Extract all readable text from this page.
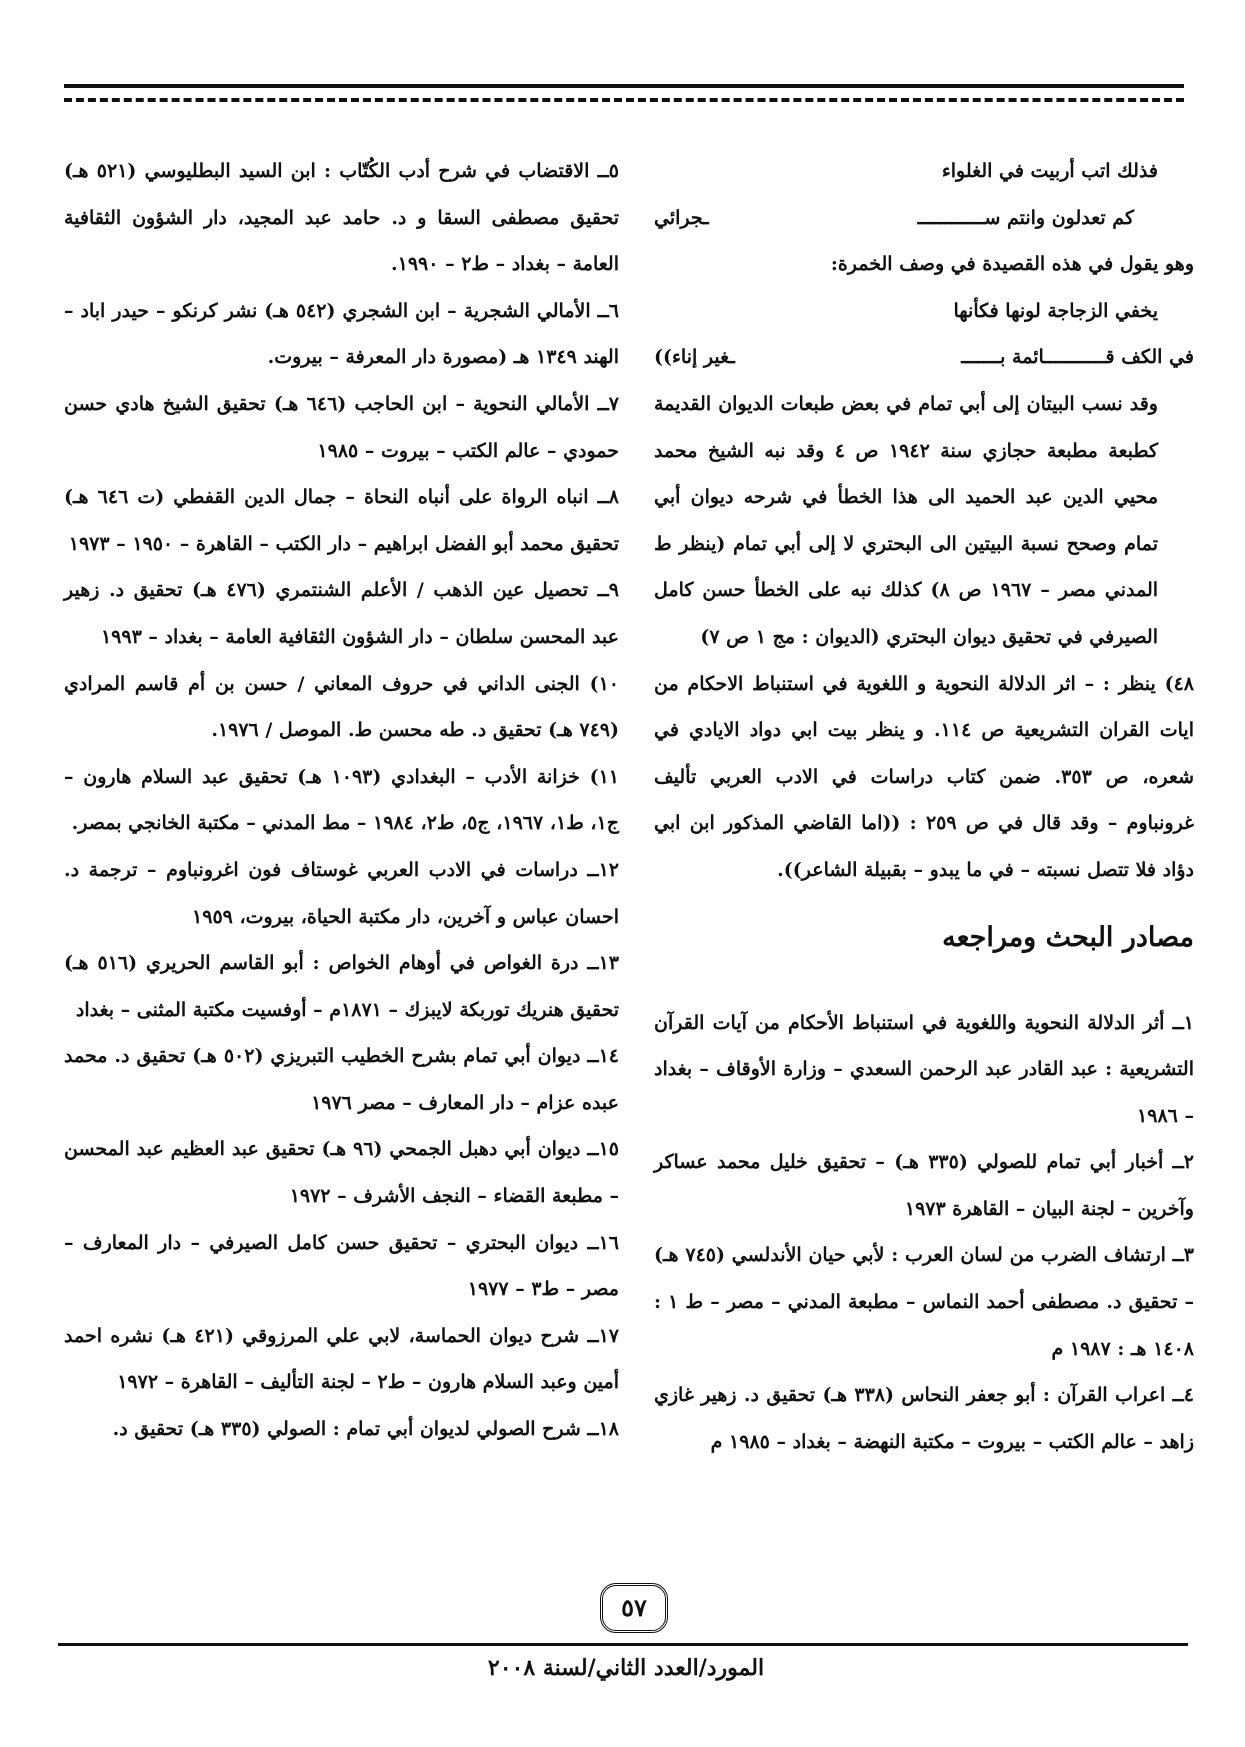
فذلك اتب أربيت في الغلواء

كم تعدلون وانتم ســــــــــــ
ـجرائي

وهو يقول في هذه القصيدة في وصف الخمرة:

يخفي الزجاجة لونها فكأنها

في الكف قـــــــــــائمة بـــــــ
ـغير إناء))

وقد نسب البيتان إلى أبي تمام في بعض طبعات الديوان القديمة كطبعة مطبعة حجازي سنة ١٩٤٢ ص ٤ وقد نبه الشيخ محمد محيي الدين عبد الحميد الى هذا الخطأ في شرحه ديوان أبي تمام وصحح نسبة البيتين الى البحتري لا إلى أبي تمام (ينظر ط المدني مصر – ١٩٦٧ ص ٨) كذلك نبه على الخطأ حسن كامل الصيرفي في تحقيق ديوان البحتري (الديوان : مج ١ ص ٧)

٤٨) ينظر : – اثر الدلالة النحوية و اللغوية في استنباط الاحكام من ايات القران التشريعية ص ١١٤. و ينظر بيت ابي دواد الايادي في شعره، ص ٣٥٣. ضمن كتاب دراسات في الادب العربي تأليف غرونباوم – وقد قال في ص ٢٥٩ : ((اما القاضي المذكور ابن ابي دؤاد فلا تتصل نسبته – في ما يبدو – بقبيلة الشاعر)).

مصادر البحث ومراجعه

١ــ أثر الدلالة النحوية واللغوية في استنباط الأحكام من آيات القرآن التشريعية : عبد القادر عبد الرحمن السعدي – وزارة الأوقاف – بغداد – ١٩٨٦

٢ــ أخبار أبي تمام للصولي (٣٣٥ هـ) – تحقيق خليل محمد عساكر وآخرين – لجنة البيان – القاهرة ١٩٧٣

٣ــ ارتشاف الضرب من لسان العرب : لأبي حيان الأندلسي (٧٤٥ هـ) – تحقيق د. مصطفى أحمد النماس – مطبعة المدني – مصر – ط ١ : ١٤٠٨ هـ : ١٩٨٧ م

٤ــ اعراب القرآن : أبو جعفر النحاس (٣٣٨ هـ) تحقيق د. زهير غازي زاهد – عالم الكتب – بيروت – مكتبة النهضة – بغداد – ١٩٨٥ م

٥ــ الاقتضاب في شرح أدب الكُتّاب : ابن السيد البطليوسي (٥٢١ هـ) تحقيق مصطفى السقا و د. حامد عبد المجيد، دار الشؤون الثقافية العامة – بغداد – ط٢ – ١٩٩٠.

٦ــ الأمالي الشجرية – ابن الشجري (٥٤٢ هـ) نشر كرنكو – حيدر اباد – الهند ١٣٤٩ هـ (مصورة دار المعرفة – بيروت.

٧ــ الأمالي النحوية – ابن الحاجب (٦٤٦ هـ) تحقيق الشيخ هادي حسن حمودي – عالم الكتب – بيروت – ١٩٨٥

٨ــ انباه الرواة على أنباه النحاة – جمال الدين القفطي (ت ٦٤٦ هـ) تحقيق محمد أبو الفضل ابراهيم – دار الكتب – القاهرة – ١٩٥٠ – ١٩٧٣

٩ــ تحصيل عين الذهب / الأعلم الشنتمري (٤٧٦ هـ) تحقيق د. زهير عبد المحسن سلطان – دار الشؤون الثقافية العامة – بغداد – ١٩٩٣

١٠) الجنى الداني في حروف المعاني / حسن بن أم قاسم المرادي (٧٤٩ هـ) تحقيق د. طه محسن ط. الموصل / ١٩٧٦.

١١) خزانة الأدب – البغدادي (١٠٩٣ هـ) تحقيق عبد السلام هارون – ج١، ط١، ١٩٦٧، ج٥، ط٢، ١٩٨٤ – مط المدني – مكتبة الخانجي بمصر.

١٢ــ دراسات في الادب العربي غوستاف فون اغرونباوم – ترجمة د. احسان عباس و آخرين، دار مكتبة الحياة، بيروت، ١٩٥٩

١٣ــ درة الغواص في أوهام الخواص : أبو القاسم الحريري (٥١٦ هـ) تحقيق هنريك توربكة لايبزك – ١٨٧١م – أوفسيت مكتبة المثنى – بغداد

١٤ــ ديوان أبي تمام بشرح الخطيب التبريزي (٥٠٢ هـ) تحقيق د. محمد عبده عزام – دار المعارف – مصر ١٩٧٦

١٥ــ ديوان أبي دهبل الجمحي (٩٦ هـ) تحقيق عبد العظيم عبد المحسن – مطبعة القضاء – النجف الأشرف – ١٩٧٢

١٦ــ ديوان البحتري – تحقيق حسن كامل الصيرفي – دار المعارف – مصر – ط٣ – ١٩٧٧

١٧ــ شرح ديوان الحماسة، لابي علي المرزوقي (٤٢١ هـ) نشره احمد أمين وعبد السلام هارون – ط٢ – لجنة التأليف – القاهرة – ١٩٧٢

١٨ــ شرح الصولي لديوان أبي تمام : الصولي (٣٣٥ هـ) تحقيق د.

٥٧
المورد/العدد الثاني/لسنة ٢٠٠٨
